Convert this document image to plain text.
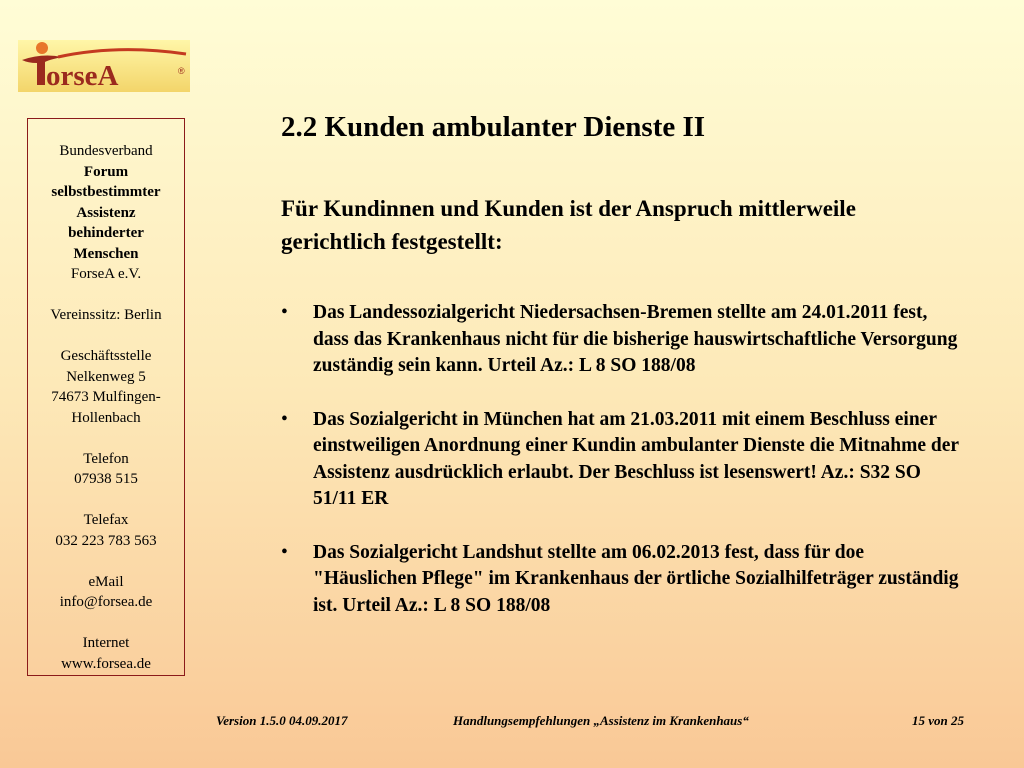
orseA	®
Bundesverband
Forum
selbstbestimmter
Assistenz
behinderter
Menschen
ForseA e.V.
Vereinssitz: Berlin
Geschäftsstelle
Nelkenweg 5
74673 Mulfingen-
Hollenbach
Telefon
07938 515
Telefax
032 223 783 563
eMail
info@forsea.de
Internet
www.forsea.de
2.2 Kunden ambulanter Dienste II

Für Kundinnen und Kunden ist der Anspruch mittlerweile gerichtlich festgestellt:

• Das Landessozialgericht Niedersachsen-Bremen stellte am 24.01.2011 fest, dass das Krankenhaus nicht für die bisherige hauswirtschaftliche Versorgung zuständig sein kann. Urteil Az.: L 8 SO 188/08
• Das Sozialgericht in München hat am 21.03.2011 mit einem Beschluss einer einstweiligen Anordnung einer Kundin ambulanter Dienste die Mitnahme der Assistenz ausdrücklich erlaubt. Der Beschluss ist lesenswert! Az.: S32 SO 51/11 ER
• Das Sozialgericht Landshut stellte am 06.02.2013 fest, dass für doe "Häuslichen Pflege" im Krankenhaus der örtliche Sozialhilfeträger zuständig ist. Urteil Az.: L 8 SO 188/08
Version 1.5.0 04.09.2017	Handlungsempfehlungen „Assistenz im Krankenhaus“	15 von 25
